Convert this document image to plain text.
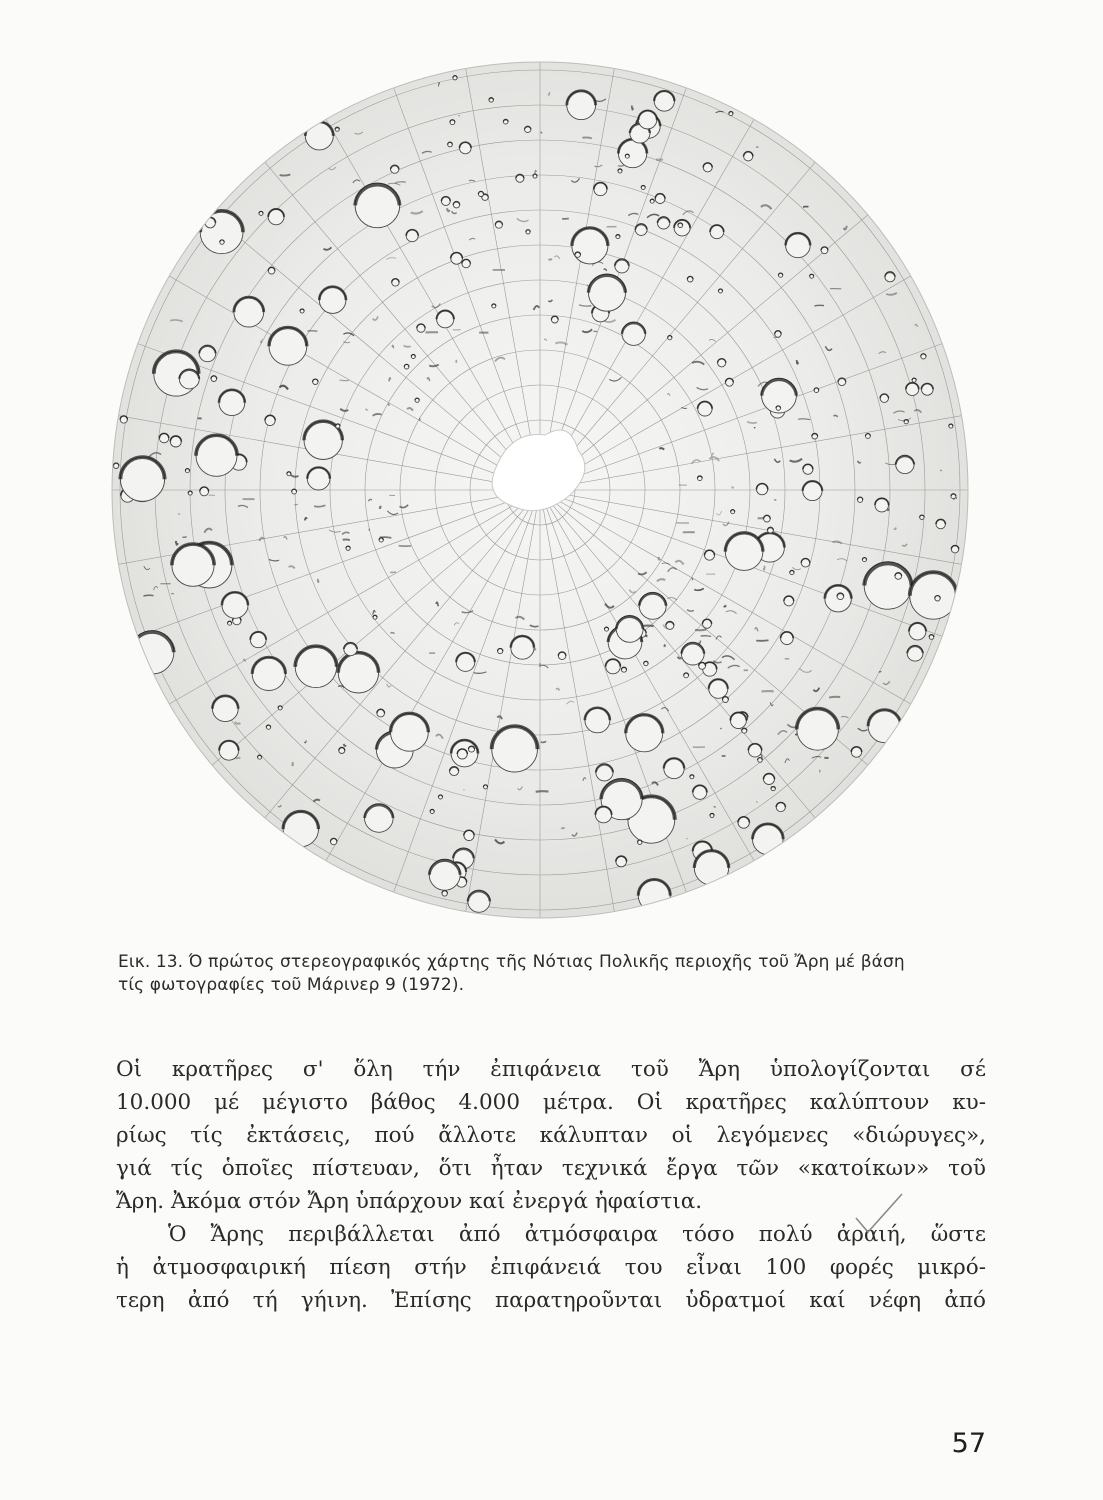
Εικ. 13. Ό πρώτος στερεογραφικός χάρτης τῆς Νότιας Πολικῆς περιοχῆς τοῦ Ἄρη μέ βάση
τίς φωτογραφίες τοῦ Μάρινερ 9 (1972).
Οἱ κρατῆρες σ' ὅλη τήν ἐπιφάνεια τοῦ Ἄρη ὑπολογίζονται σέ
10.000 μέ μέγιστο βάθος 4.000 μέτρα. Οἱ κρατῆρες καλύπτουν κυ-
ρίως τίς ἐκτάσεις, πού ἄλλοτε κάλυπταν οἱ λεγόμενες «διώρυγες»,
γιά τίς ὁποῖες πίστευαν, ὅτι ἦταν τεχνικά ἔργα τῶν «κατοίκων» τοῦ
Ἄρη. Ἀκόμα στόν Ἄρη ὑπάρχουν καί ἐνεργά ἡφαίστια.
Ὁ Ἄρης περιβάλλεται ἀπό ἀτμόσφαιρα τόσο πολύ ἀραιή, ὥστε
ἡ ἀτμοσφαιρική πίεση στήν ἐπιφάνειά του εἶναι 100 φορές μικρό-
τερη ἀπό τή γήινη. Ἐπίσης παρατηροῦνται ὑδρατμοί καί νέφη ἀπό
57
